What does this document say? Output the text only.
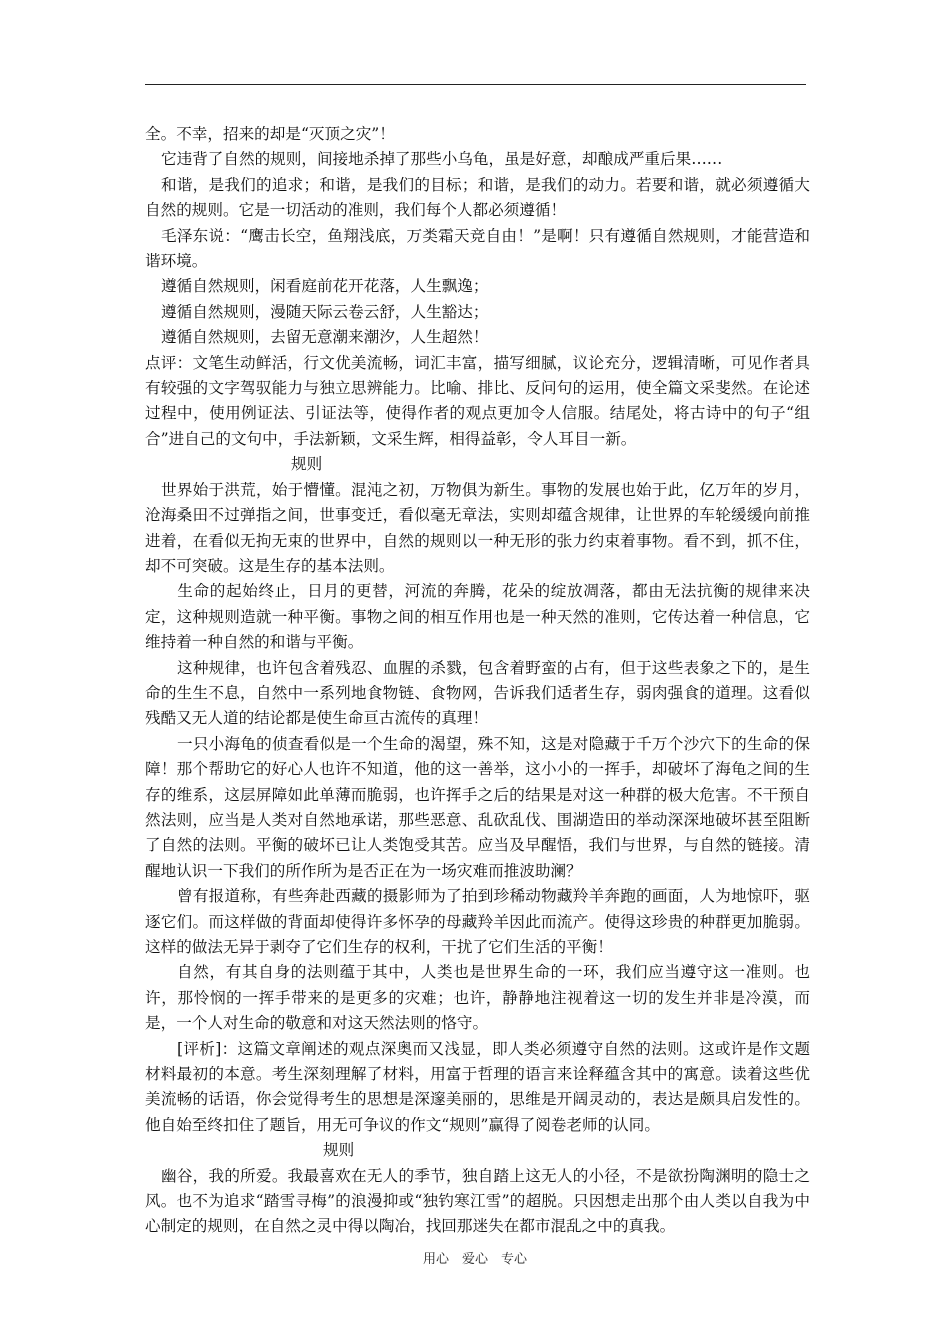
全。不幸，招来的却是“灭顶之灾”！

它违背了自然的规则，间接地杀掉了那些小乌龟，虽是好意，却酿成严重后果……

和谐，是我们的追求；和谐，是我们的目标；和谐，是我们的动力。若要和谐，就必须遵循大自然的规则。它是一切活动的准则，我们每个人都必须遵循！

毛泽东说：“鹰击长空，鱼翔浅底，万类霜天竞自由！”是啊！只有遵循自然规则，才能营造和谐环境。

遵循自然规则，闲看庭前花开花落，人生飘逸；

遵循自然规则，漫随天际云卷云舒，人生豁达；

遵循自然规则，去留无意潮来潮汐，人生超然！

点评：文笔生动鲜活，行文优美流畅，词汇丰富，描写细腻，议论充分，逻辑清晰，可见作者具有较强的文字驾驭能力与独立思辨能力。比喻、排比、反问句的运用，使全篇文采斐然。在论述过程中，使用例证法、引证法等，使得作者的观点更加令人信服。结尾处，将古诗中的句子“组合”进自己的文句中，手法新颖，文采生辉，相得益彰，令人耳目一新。

规则

世界始于洪荒，始于懵懂。混沌之初，万物俱为新生。事物的发展也始于此，亿万年的岁月，沧海桑田不过弹指之间，世事变迁，看似毫无章法，实则却蕴含规律，让世界的车轮缓缓向前推进着，在看似无拘无束的世界中，自然的规则以一种无形的张力约束着事物。看不到，抓不住，却不可突破。这是生存的基本法则。

　生命的起始终止，日月的更替，河流的奔腾，花朵的绽放凋落，都由无法抗衡的规律来决定，这种规则造就一种平衡。事物之间的相互作用也是一种天然的准则，它传达着一种信息，它维持着一种自然的和谐与平衡。

这种规律，也许包含着残忍、血腥的杀戮，包含着野蛮的占有，但于这些表象之下的，是生命的生生不息，自然中一系列地食物链、食物网，告诉我们适者生存，弱肉强食的道理。这看似残酷又无人道的结论都是使生命亘古流传的真理！

一只小海龟的侦查看似是一个生命的渴望，殊不知，这是对隐藏于千万个沙穴下的生命的保障！那个帮助它的好心人也许不知道，他的这一善举，这小小的一挥手，却破坏了海龟之间的生存的维系，这层屏障如此单薄而脆弱，也许挥手之后的结果是对这一种群的极大危害。不干预自然法则，应当是人类对自然地承诺，那些恶意、乱砍乱伐、围湖造田的举动深深地破坏甚至阻断了自然的法则。平衡的破坏已让人类饱受其苦。应当及早醒悟，我们与世界，与自然的链接。清醒地认识一下我们的所作所为是否正在为一场灾难而推波助澜？

曾有报道称，有些奔赴西藏的摄影师为了拍到珍稀动物藏羚羊奔跑的画面，人为地惊吓，驱逐它们。而这样做的背面却使得许多怀孕的母藏羚羊因此而流产。使得这珍贵的种群更加脆弱。这样的做法无异于剥夺了它们生存的权利，干扰了它们生活的平衡！

自然，有其自身的法则蕴于其中，人类也是世界生命的一环，我们应当遵守这一准则。也许，那怜悯的一挥手带来的是更多的灾难；也许，静静地注视着这一切的发生并非是冷漠，而是，一个人对生命的敬意和对这天然法则的恪守。

[评析]：这篇文章阐述的观点深奥而又浅显，即人类必须遵守自然的法则。这或许是作文题材料最初的本意。考生深刻理解了材料，用富于哲理的语言来诠释蕴含其中的寓意。读着这些优美流畅的话语，你会觉得考生的思想是深邃美丽的，思维是开阔灵动的，表达是颇具启发性的。他自始至终扣住了题旨，用无可争议的作文“规则”赢得了阅卷老师的认同。

规则

幽谷，我的所爱。我最喜欢在无人的季节，独自踏上这无人的小径，不是欲扮陶渊明的隐士之风。也不为追求“踏雪寻梅”的浪漫抑或“独钓寒江雪”的超脱。只因想走出那个由人类以自我为中心制定的规则，在自然之灵中得以陶冶，找回那迷失在都市混乱之中的真我。

用心　爱心　专心
